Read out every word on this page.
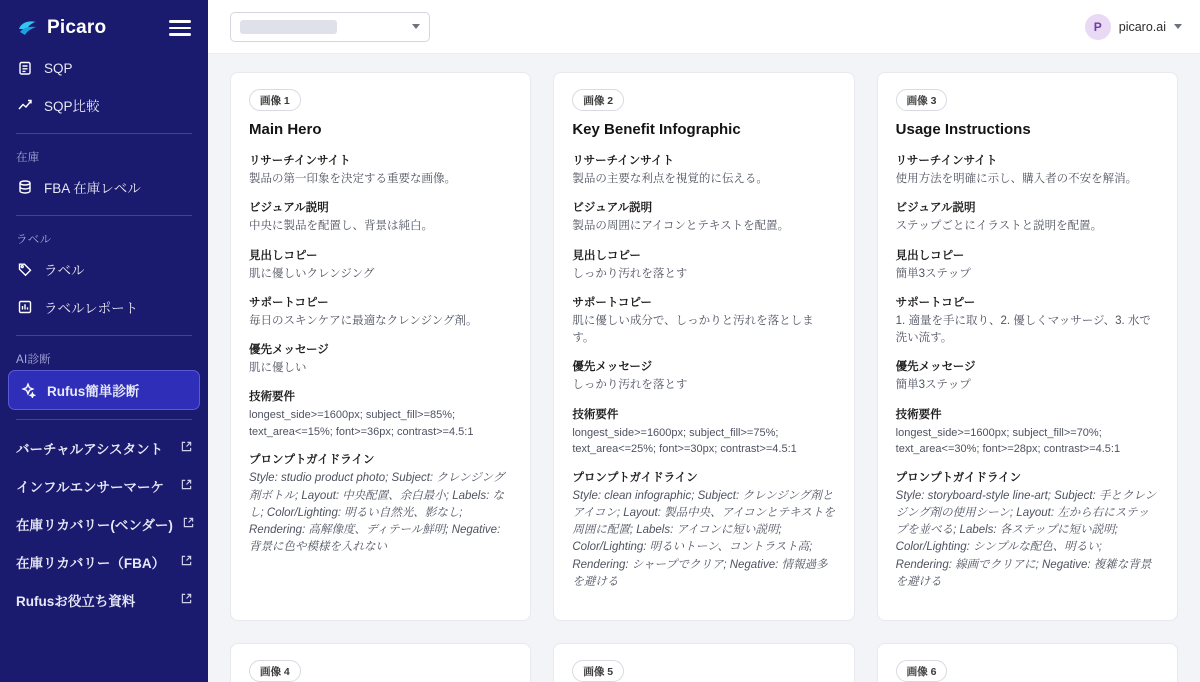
Picaro
SQP
SQP比較
在庫
FBA 在庫レベル
ラベル
ラベル
ラベルレポート
AI診断
Rufus簡単診断
バーチャルアシスタント
インフルエンサーマーケ
在庫リカバリー(ベンダー)
在庫リカバリー（FBA）
Rufusお役立ち資料

P	picaro.ai
画像 1
Main Hero
リサーチインサイト
製品の第一印象を決定する重要な画像。
ビジュアル説明
中央に製品を配置し、背景は純白。
見出しコピー
肌に優しいクレンジング
サポートコピー
毎日のスキンケアに最適なクレンジング剤。
優先メッセージ
肌に優しい
技術要件
longest_side>=1600px; subject_fill>=85%; text_area<=15%; font>=36px; contrast>=4.5:1
プロンプトガイドライン
Style: studio product photo; Subject: クレンジング剤ボトル; Layout: 中央配置、余白最小; Labels: なし; Color/Lighting: 明るい自然光、影なし; Rendering: 高解像度、ディテール鮮明; Negative: 背景に色や模様を入れない
画像 2
Key Benefit Infographic
リサーチインサイト
製品の主要な利点を視覚的に伝える。
ビジュアル説明
製品の周囲にアイコンとテキストを配置。
見出しコピー
しっかり汚れを落とす
サポートコピー
肌に優しい成分で、しっかりと汚れを落とします。
優先メッセージ
しっかり汚れを落とす
技術要件
longest_side>=1600px; subject_fill>=75%; text_area<=25%; font>=30px; contrast>=4.5:1
プロンプトガイドライン
Style: clean infographic; Subject: クレンジング剤とアイコン; Layout: 製品中央、アイコンとテキストを周囲に配置; Labels: アイコンに短い説明; Color/Lighting: 明るいトーン、コントラスト高; Rendering: シャープでクリア; Negative: 情報過多を避ける
画像 3
Usage Instructions
リサーチインサイト
使用方法を明確に示し、購入者の不安を解消。
ビジュアル説明
ステップごとにイラストと説明を配置。
見出しコピー
簡単3ステップ
サポートコピー
1. 適量を手に取り、2. 優しくマッサージ、3. 水で洗い流す。
優先メッセージ
簡単3ステップ
技術要件
longest_side>=1600px; subject_fill>=70%; text_area<=30%; font>=28px; contrast>=4.5:1
プロンプトガイドライン
Style: storyboard-style line-art; Subject: 手とクレンジング剤の使用シーン; Layout: 左から右にステップを並べる; Labels: 各ステップに短い説明; Color/Lighting: シンプルな配色、明るい; Rendering: 線画でクリアに; Negative: 複雑な背景を避ける
画像 4	画像 5	画像 6
